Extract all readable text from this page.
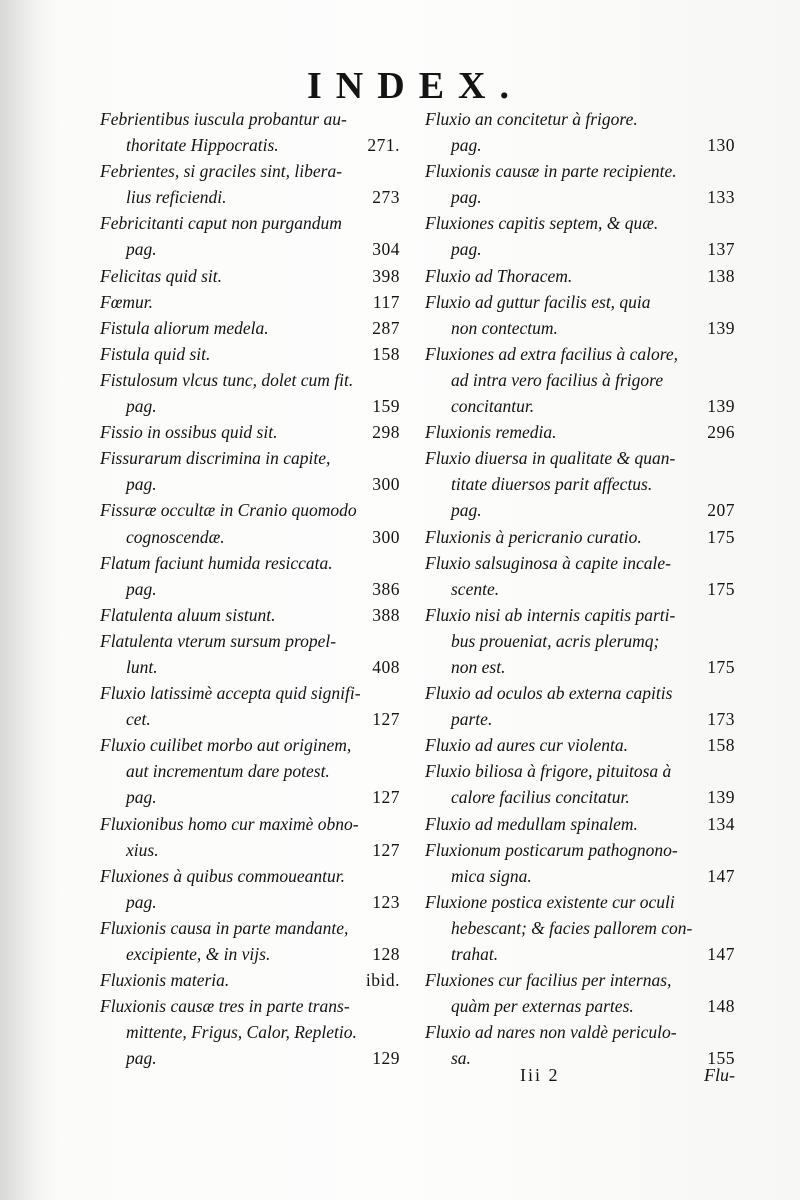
INDEX.
Febrientibus iuscula probantur au-
thoritate Hippocratis.	271.
Febrientes, si graciles sint, libera-
lius reficiendi.	273
Febricitanti caput non purgandum
pag.	304
Felicitas quid sit.	398
Fœmur.	117
Fistula aliorum medela.	287
Fistula quid sit.	158
Fistulosum vlcus tunc, dolet cum fit.
pag.	159
Fissio in ossibus quid sit.	298
Fissurarum discrimina in capite,
pag.	300
Fissuræ occultæ in Cranio quomodo
cognoscendæ.	300
Flatum faciunt humida resiccata.
pag.	386
Flatulenta aluum sistunt.	388
Flatulenta vterum sursum propel-
lunt.	408
Fluxio latissimè accepta quid signifi-
cet.	127
Fluxio cuilibet morbo aut originem,
aut incrementum dare potest.
pag.	127
Fluxionibus homo cur maximè obno-
xius.	127
Fluxiones à quibus commoueantur.
pag.	123
Fluxionis causa in parte mandante,
excipiente, & in vijs.	128
Fluxionis materia.	ibid.
Fluxionis causæ tres in parte trans-
mittente, Frigus, Calor, Repletio.
pag.	129
Fluxio an concitetur à frigore.
pag.	130
Fluxionis causæ in parte recipiente.
pag.	133
Fluxiones capitis septem, & quæ.
pag.	137
Fluxio ad Thoracem.	138
Fluxio ad guttur facilis est, quia
non contectum.	139
Fluxiones ad extra facilius à calore,
ad intra vero facilius à frigore
concitantur.	139
Fluxionis remedia.	296
Fluxio diuersa in qualitate & quan-
titate diuersos parit affectus.
pag.	207
Fluxionis à pericranio curatio.	175
Fluxio salsuginosa à capite incale-
scente.	175
Fluxio nisi ab internis capitis parti-
bus proueniat, acris plerumq;
non est.	175
Fluxio ad oculos ab externa capitis
parte.	173
Fluxio ad aures cur violenta.	158
Fluxio biliosa à frigore, pituitosa à
calore facilius concitatur.	139
Fluxio ad medullam spinalem.	134
Fluxionum posticarum pathognono-
mica signa.	147
Fluxione postica existente cur oculi
hebescant; & facies pallorem con-
trahat.	147
Fluxiones cur facilius per internas,
quàm per externas partes.	148
Fluxio ad nares non valdè periculo-
sa.	155
Iii 2	Flu-
